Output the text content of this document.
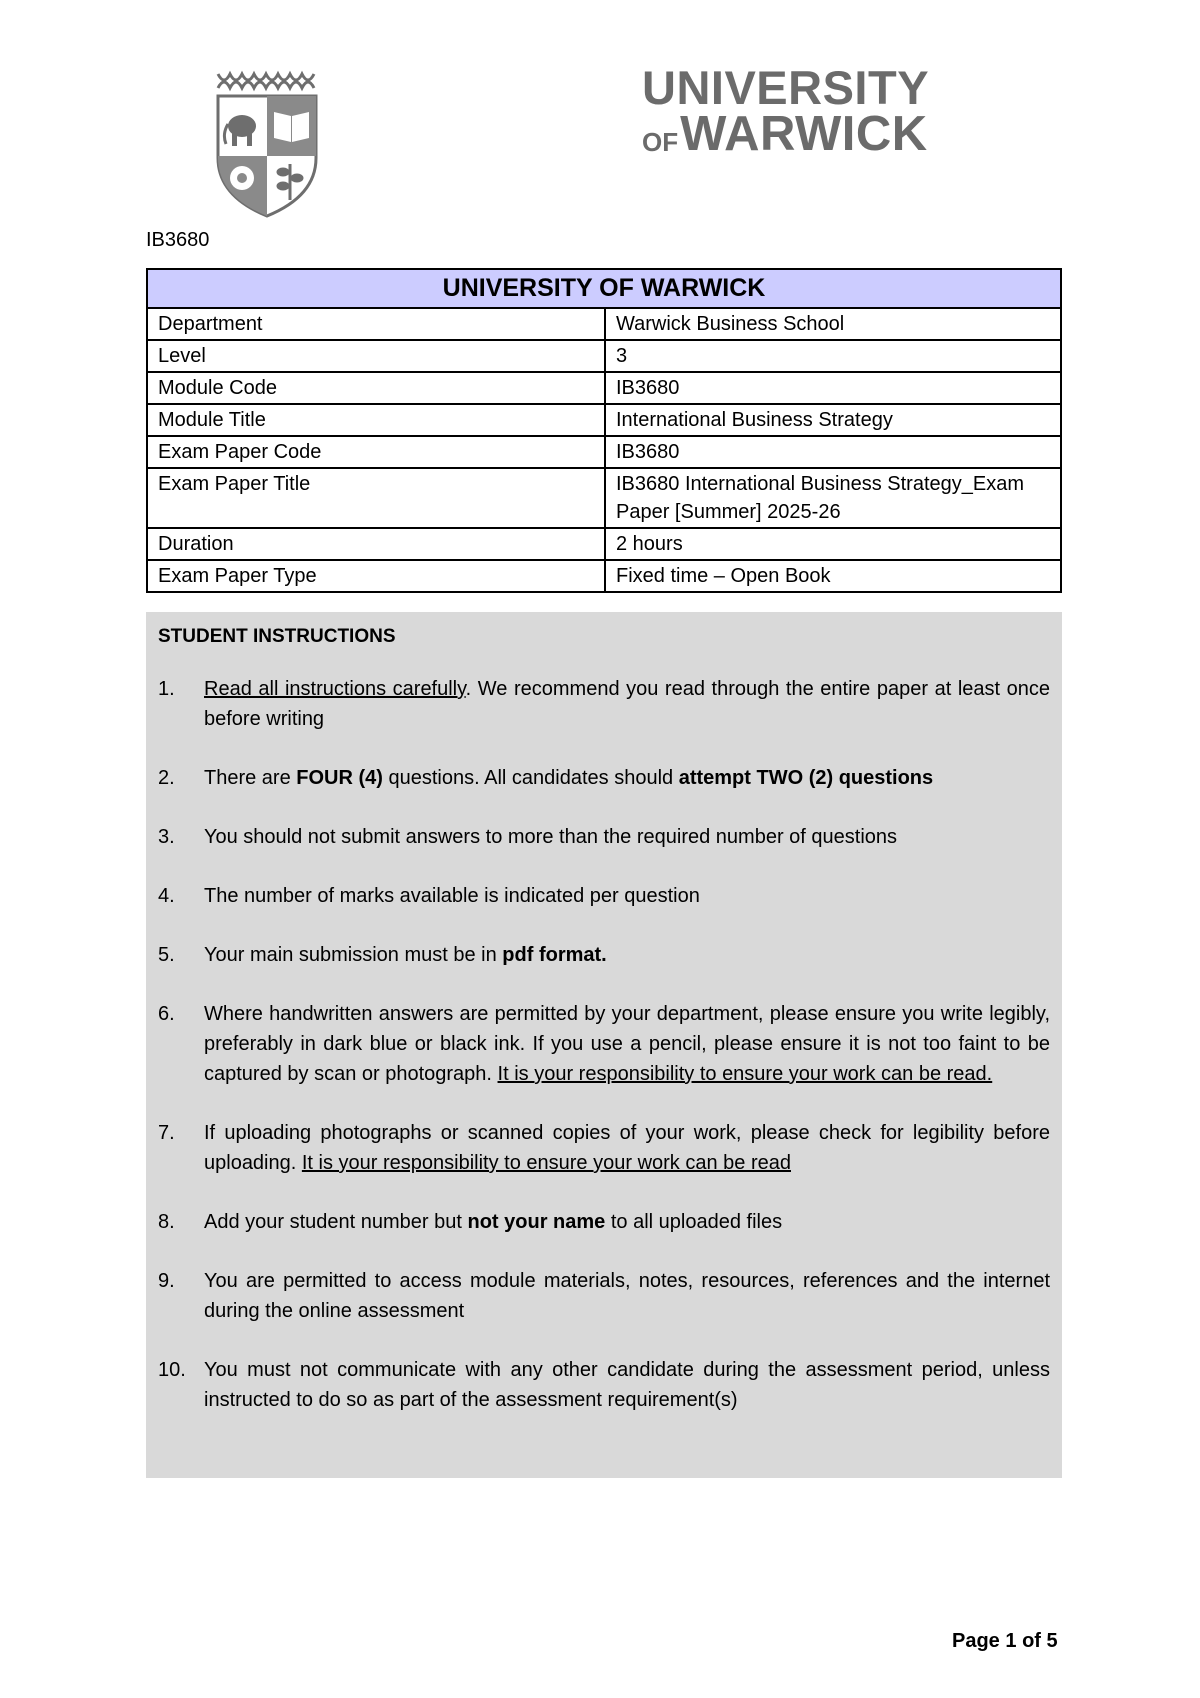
UNIVERSITY
OF WARWICK
IB3680
UNIVERSITY OF WARWICK	
Department	Warwick Business School
Level	3
Module Code	IB3680
Module Title	International Business Strategy
Exam Paper Code	IB3680
Exam Paper Title	IB3680 International Business Strategy_Exam Paper [Summer] 2025-26
Duration	2 hours
Exam Paper Type	Fixed time – Open Book
STUDENT INSTRUCTIONS
1.	Read all instructions carefully. We recommend you read through the entire paper at least once before writing
2.	There are FOUR (4) questions. All candidates should attempt TWO (2) questions
3.	You should not submit answers to more than the required number of questions
4.	The number of marks available is indicated per question
5.	Your main submission must be in pdf format.
6.	Where handwritten answers are permitted by your department, please ensure you write legibly, preferably in dark blue or black ink. If you use a pencil, please ensure it is not too faint to be captured by scan or photograph. It is your responsibility to ensure your work can be read.
7.	If uploading photographs or scanned copies of your work, please check for legibility before uploading. It is your responsibility to ensure your work can be read
8.	Add your student number but not your name to all uploaded files
9.	You are permitted to access module materials, notes, resources, references and the internet during the online assessment
10. You must not communicate with any other candidate during the assessment period, unless instructed to do so as part of the assessment requirement(s)
Page 1 of 5
